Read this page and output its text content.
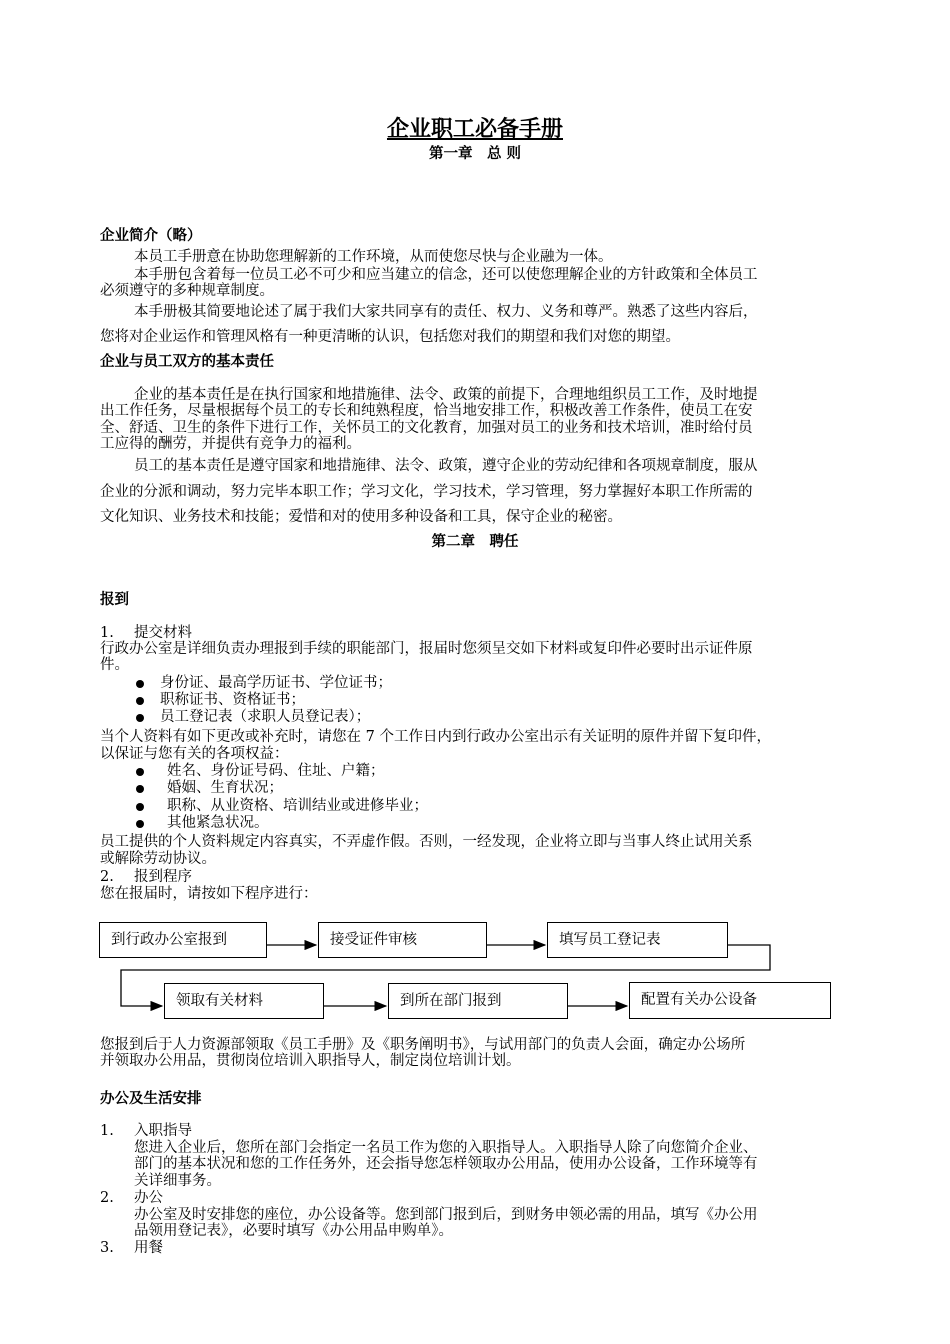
企业职工必备手册
第一章　总 则
企业简介（略）
本员工手册意在协助您理解新的工作环境，从而使您尽快与企业融为一体。
本手册包含着每一位员工必不可少和应当建立的信念，还可以使您理解企业的方针政策和全体员工
必须遵守的多种规章制度。
本手册极其简要地论述了属于我们大家共同享有的责任、权力、义务和尊严。熟悉了这些内容后，
您将对企业运作和管理风格有一种更清晰的认识，包括您对我们的期望和我们对您的期望。
企业与员工双方的基本责任
企业的基本责任是在执行国家和地措施律、法令、政策的前提下，合理地组织员工工作，及时地提
出工作任务，尽量根据每个员工的专长和纯熟程度，恰当地安排工作，积极改善工作条件，使员工在安
全、舒适、卫生的条件下进行工作，关怀员工的文化教育，加强对员工的业务和技术培训，准时给付员
工应得的酬劳，并提供有竞争力的福利。
员工的基本责任是遵守国家和地措施律、法令、政策，遵守企业的劳动纪律和各项规章制度，服从
企业的分派和调动，努力完毕本职工作；学习文化，学习技术，学习管理，努力掌握好本职工作所需的
文化知识、业务技术和技能；爱惜和对的使用多种设备和工具，保守企业的秘密。
第二章　聘任
报到
1. 提交材料
行政办公室是详细负责办理报到手续的职能部门，报届时您须呈交如下材料或复印件必要时出示证件原
件。
身份证、最高学历证书、学位证书；
职称证书、资格证书；
员工登记表（求职人员登记表）；
当个人资料有如下更改或补充时，请您在 7 个工作日内到行政办公室出示有关证明的原件并留下复印件，
以保证与您有关的各项权益：
姓名、身份证号码、住址、户籍；
婚姻、生育状况；
职称、从业资格、培训结业或进修毕业；
其他紧急状况。
员工提供的个人资料规定内容真实，不弄虚作假。否则，一经发现，企业将立即与当事人终止试用关系
或解除劳动协议。
2. 报到程序
您在报届时，请按如下程序进行：
到行政办公室报到	接受证件审核	填写员工登记表
领取有关材料	到所在部门报到	配置有关办公设备
您报到后于人力资源部领取《员工手册》及《职务阐明书》，与试用部门的负责人会面，确定办公场所
并领取办公用品，贯彻岗位培训入职指导人，制定岗位培训计划。
办公及生活安排
1. 入职指导
您进入企业后，您所在部门会指定一名员工作为您的入职指导人。入职指导人除了向您简介企业、
部门的基本状况和您的工作任务外，还会指导您怎样领取办公用品，使用办公设备，工作环境等有
关详细事务。
2. 办公
办公室及时安排您的座位，办公设备等。您到部门报到后，到财务申领必需的用品，填写《办公用
品领用登记表》，必要时填写《办公用品申购单》。
3. 用餐
